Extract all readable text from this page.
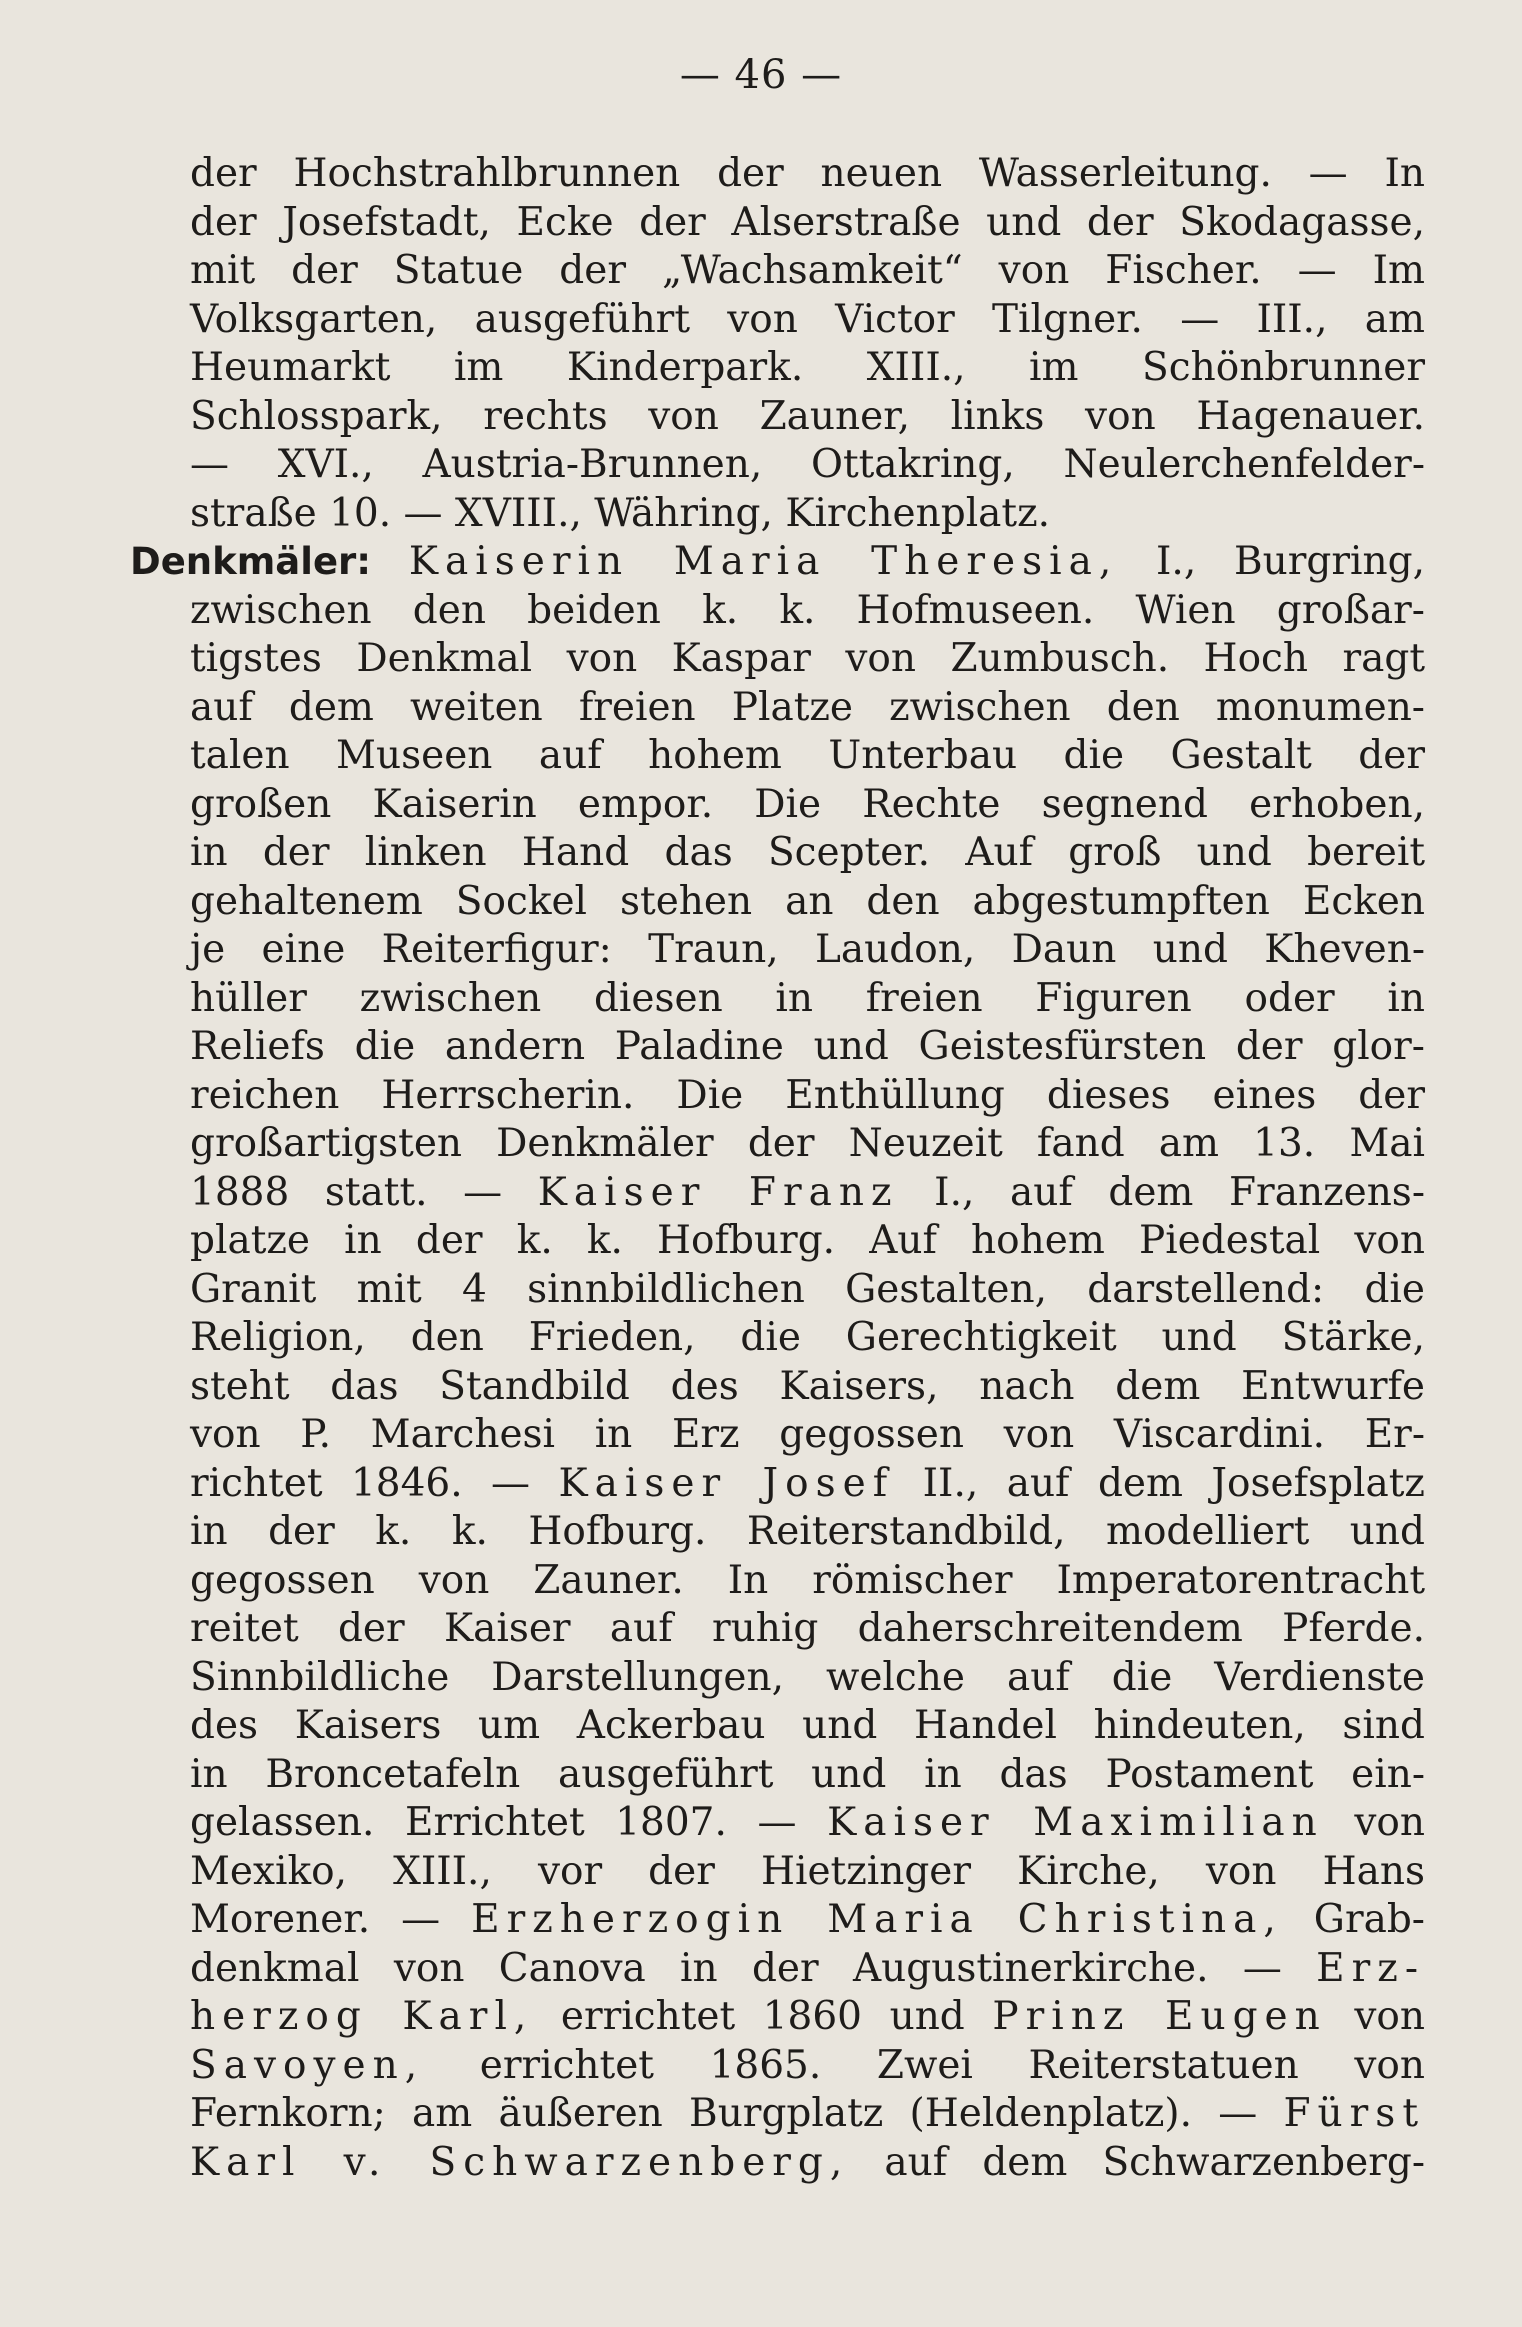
— 46 —
der Hochstrahlbrunnen der neuen Wasserleitung. — In
der Josefstadt, Ecke der Alserstraße und der Skodagasse,
mit der Statue der „Wachsamkeit“ von Fischer. — Im
Volksgarten, ausgeführt von Victor Tilgner. — III., am
Heumarkt im Kinderpark. XIII., im Schönbrunner
Schlosspark, rechts von Zauner, links von Hagenauer.
— XVI., Austria-Brunnen, Ottakring, Neulerchenfelder-
straße 10. — XVIII., Währing, Kirchenplatz.
Denkmäler: Kaiserin Maria Theresia, I., Burgring,
zwischen den beiden k. k. Hofmuseen. Wien großar-
tigstes Denkmal von Kaspar von Zumbusch. Hoch ragt
auf dem weiten freien Platze zwischen den monumen-
talen Museen auf hohem Unterbau die Gestalt der
großen Kaiserin empor. Die Rechte segnend erhoben,
in der linken Hand das Scepter. Auf groß und bereit
gehaltenem Sockel stehen an den abgestumpften Ecken
je eine Reiterfigur: Traun, Laudon, Daun und Kheven-
hüller zwischen diesen in freien Figuren oder in
Reliefs die andern Paladine und Geistesfürsten der glor-
reichen Herrscherin. Die Enthüllung dieses eines der
großartigsten Denkmäler der Neuzeit fand am 13. Mai
1888 statt. — Kaiser Franz I., auf dem Franzens-
platze in der k. k. Hofburg. Auf hohem Piedestal von
Granit mit 4 sinnbildlichen Gestalten, darstellend: die
Religion, den Frieden, die Gerechtigkeit und Stärke,
steht das Standbild des Kaisers, nach dem Entwurfe
von P. Marchesi in Erz gegossen von Viscardini. Er-
richtet 1846. — Kaiser Josef II., auf dem Josefsplatz
in der k. k. Hofburg. Reiterstandbild, modelliert und
gegossen von Zauner. In römischer Imperatorentracht
reitet der Kaiser auf ruhig daherschreitendem Pferde.
Sinnbildliche Darstellungen, welche auf die Verdienste
des Kaisers um Ackerbau und Handel hindeuten, sind
in Broncetafeln ausgeführt und in das Postament ein-
gelassen. Errichtet 1807. — Kaiser Maximilian von
Mexiko, XIII., vor der Hietzinger Kirche, von Hans
Morener. — Erzherzogin Maria Christina, Grab-
denkmal von Canova in der Augustinerkirche. — Erz-
herzog Karl, errichtet 1860 und Prinz Eugen von
Savoyen, errichtet 1865. Zwei Reiterstatuen von
Fernkorn; am äußeren Burgplatz (Heldenplatz). — Fürst
Karl v. Schwarzenberg, auf dem Schwarzenberg-
